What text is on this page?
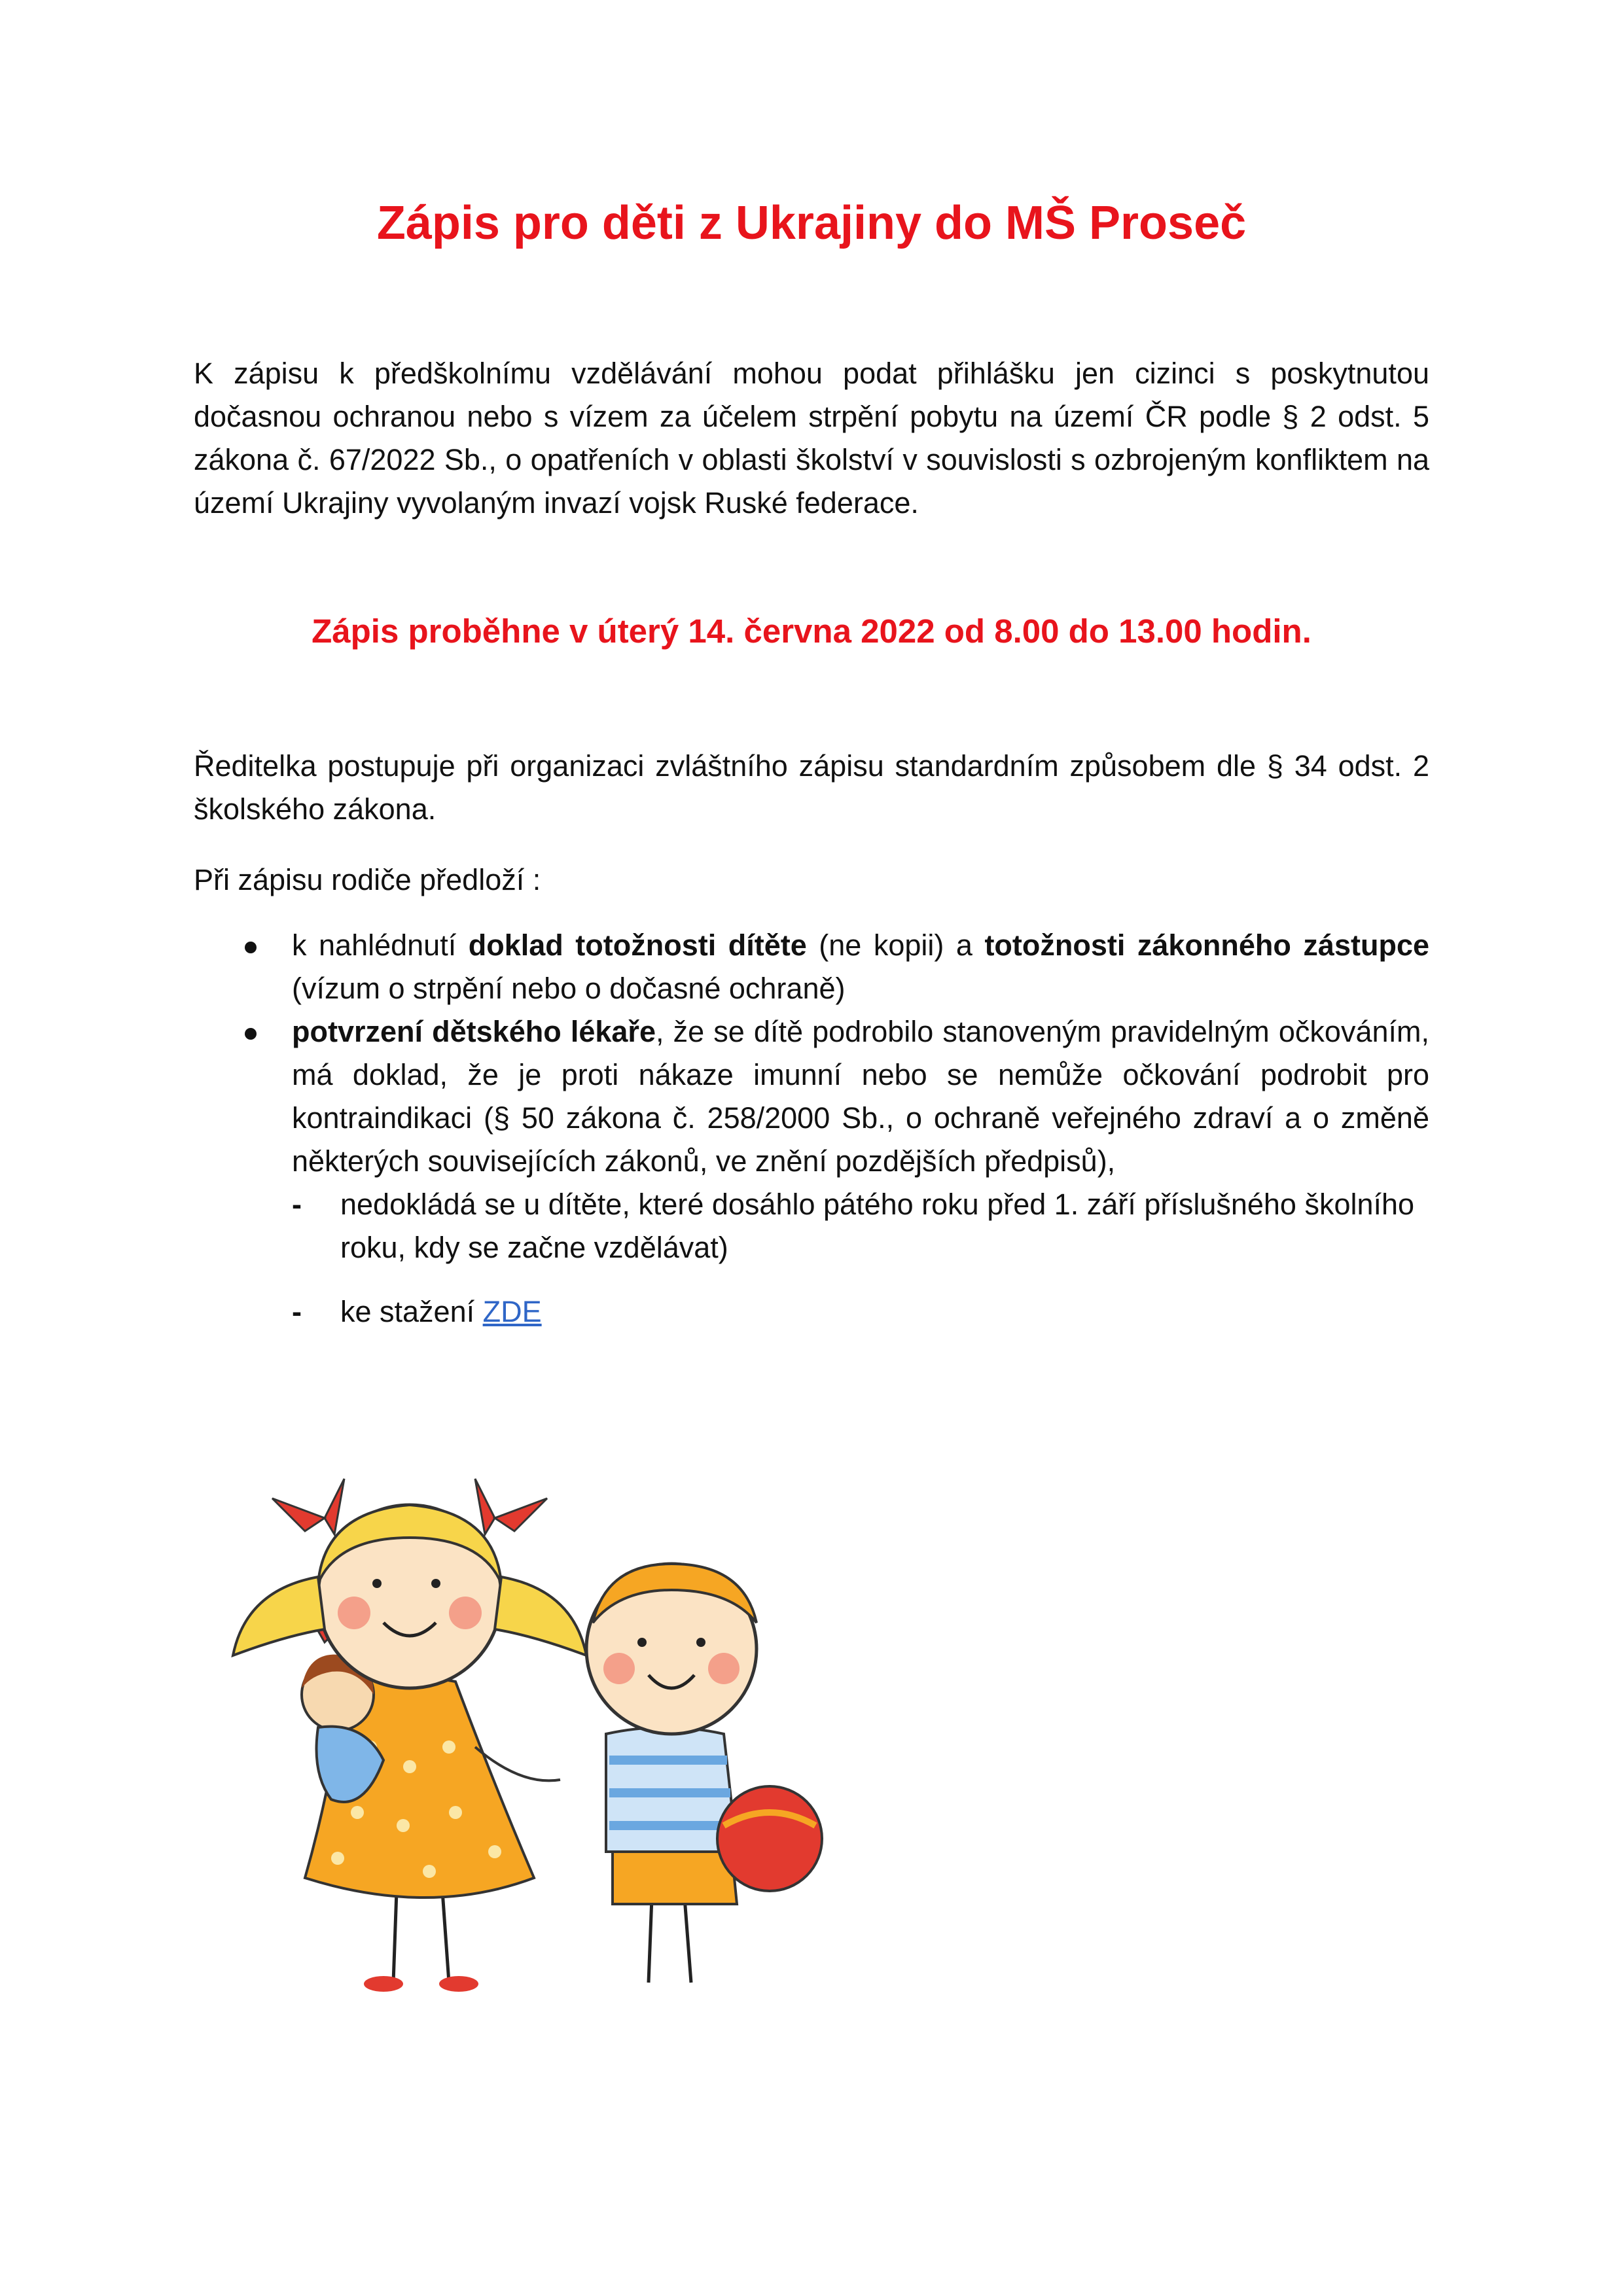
Zápis pro děti z Ukrajiny do MŠ Proseč

K zápisu k předškolnímu vzdělávání mohou podat přihlášku jen cizinci s poskytnutou dočasnou ochranou nebo s vízem za účelem strpění pobytu na území ČR podle § 2 odst. 5 zákona č. 67/2022 Sb., o opatřeních v oblasti školství v souvislosti s ozbrojeným konfliktem na území Ukrajiny vyvolaným invazí vojsk Ruské federace.

Zápis proběhne v úterý 14. června 2022 od 8.00 do 13.00 hodin.

Ředitelka postupuje při organizaci zvláštního zápisu standardním způsobem dle § 34 odst. 2 školského zákona.

Při zápisu rodiče předloží :

k nahlédnutí doklad totožnosti dítěte (ne kopii) a totožnosti zákonného zástupce (vízum o strpění nebo o dočasné ochraně)
potvrzení dětského lékaře, že se dítě podrobilo stanoveným pravidelným očkováním, má doklad, že je proti nákaze imunní nebo se nemůže očkování podrobit pro kontraindikaci (§ 50 zákona č. 258/2000 Sb., o ochraně veřejného zdraví a o změně některých souvisejících zákonů, ve znění pozdějších předpisů),
- nedokládá se u dítěte, které dosáhlo pátého roku před 1. září příslušného školního roku, kdy se začne vzdělávat)
- ke stažení ZDE
